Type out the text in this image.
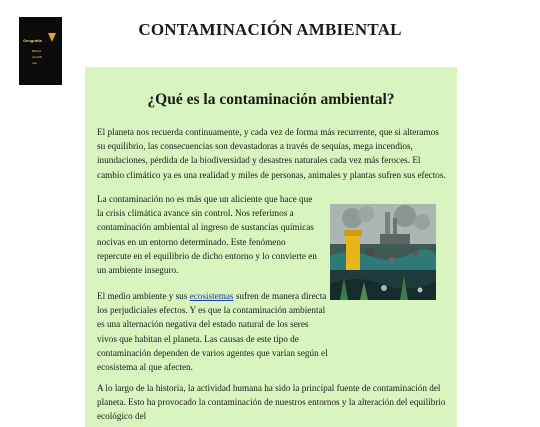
Geografía
Blanca
canchili
roio
CONTAMINACIÓN AMBIENTAL
¿Qué es la contaminación ambiental?

El planeta nos recuerda continuamente, y cada vez de forma más recurrente, que si alteramos su equilibrio, las consecuencias son devastadoras a través de sequías, mega incendios, inundaciones, pérdida de la biodiversidad y desastres naturales cada vez más feroces. El cambio climático ya es una realidad y miles de personas, animales y plantas sufren sus efectos.

La contaminación no es más que un aliciente que hace que la crisis climática avance sin control. Nos referimos a contaminación ambiental al ingreso de sustancias químicas nocivas en un entorno determinado. Este fenómeno repercute en el equilibrio de dicho entorno y lo convierte en un ambiente inseguro.

El medio ambiente y sus ecosistemas sufren de manera directa los perjudiciales efectos. Y es que la contaminación ambiental es una alternación negativa del estado natural de los seres vivos que habitan el planeta. Las causas de este tipo de contaminación dependen de varios agentes que varían según el ecosistema al que afecten.

A lo largo de la historia, la actividad humana ha sido la principal fuente de contaminación del planeta. Esto ha provocado la contaminación de nuestros entornos y la alteración del equilibrio ecológico del
